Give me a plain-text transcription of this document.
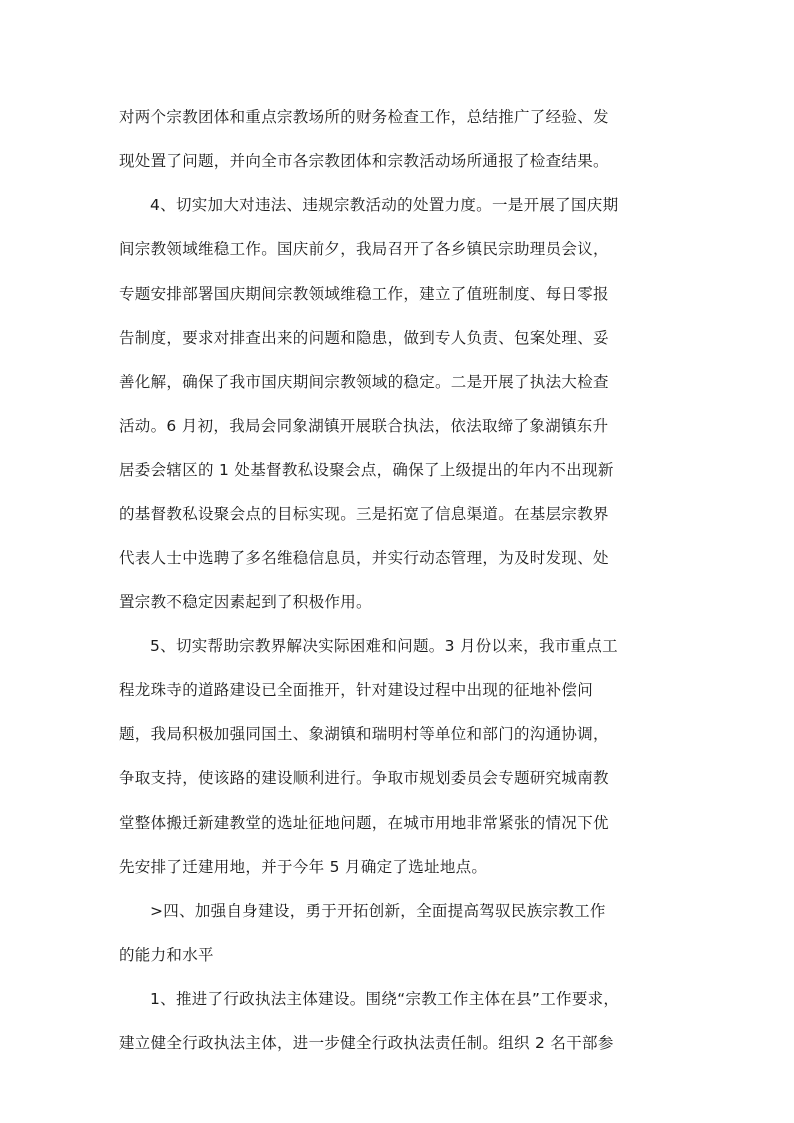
对两个宗教团体和重点宗教场所的财务检查工作，总结推广了经验、发
现处置了问题，并向全市各宗教团体和宗教活动场所通报了检查结果。
4、切实加大对违法、违规宗教活动的处置力度。一是开展了国庆期
间宗教领域维稳工作。国庆前夕，我局召开了各乡镇民宗助理员会议，
专题安排部署国庆期间宗教领域维稳工作，建立了值班制度、每日零报
告制度，要求对排查出来的问题和隐患，做到专人负责、包案处理、妥
善化解，确保了我市国庆期间宗教领域的稳定。二是开展了执法大检查
活动。6 月初，我局会同象湖镇开展联合执法，依法取缔了象湖镇东升
居委会辖区的 1 处基督教私设聚会点，确保了上级提出的年内不出现新
的基督教私设聚会点的目标实现。三是拓宽了信息渠道。在基层宗教界
代表人士中选聘了多名维稳信息员，并实行动态管理，为及时发现、处
置宗教不稳定因素起到了积极作用。
5、切实帮助宗教界解决实际困难和问题。3 月份以来，我市重点工
程龙珠寺的道路建设已全面推开，针对建设过程中出现的征地补偿问
题，我局积极加强同国土、象湖镇和瑞明村等单位和部门的沟通协调，
争取支持，使该路的建设顺利进行。争取市规划委员会专题研究城南教
堂整体搬迁新建教堂的选址征地问题，在城市用地非常紧张的情况下优
先安排了迁建用地，并于今年 5 月确定了选址地点。
>四、加强自身建设，勇于开拓创新，全面提高驾驭民族宗教工作
的能力和水平
1、推进了行政执法主体建设。围绕“宗教工作主体在县”工作要求，
建立健全行政执法主体，进一步健全行政执法责任制。组织 2 名干部参
